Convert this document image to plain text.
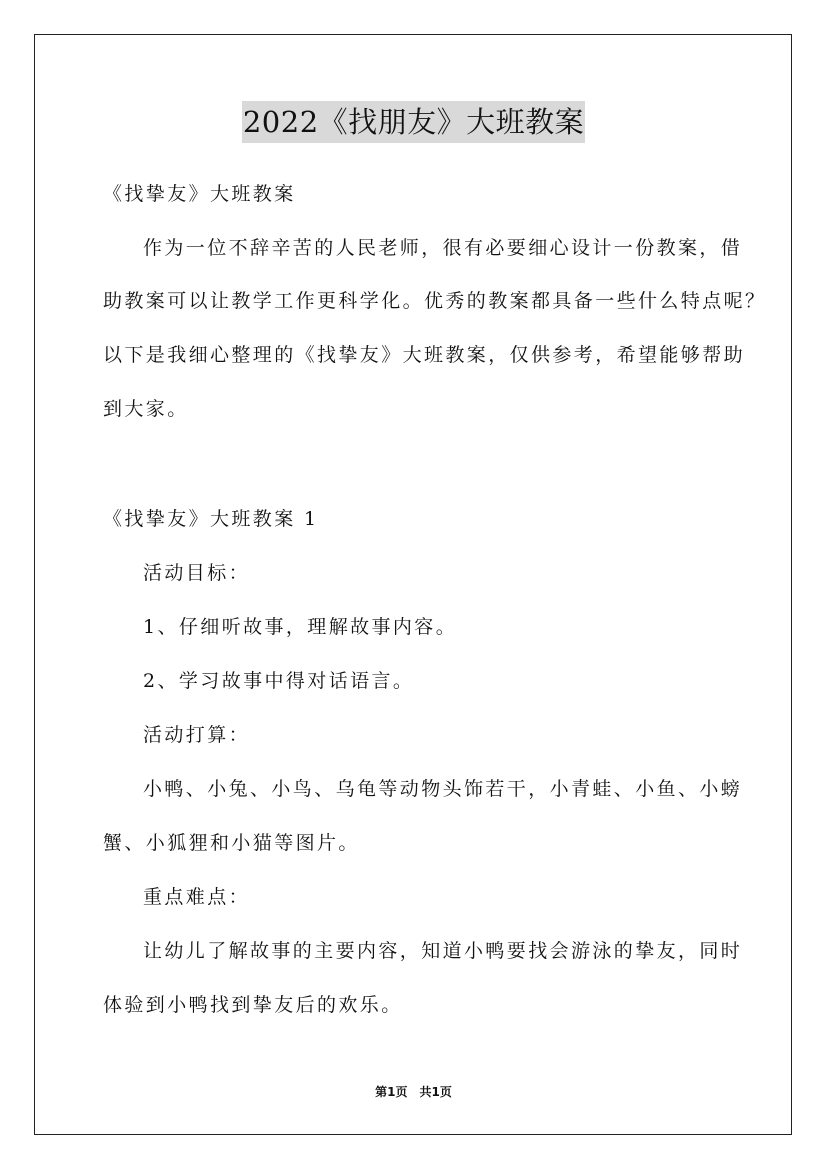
2022《找朋友》大班教案
《找挚友》大班教案
作为一位不辞辛苦的人民老师，很有必要细心设计一份教案，借
助教案可以让教学工作更科学化。优秀的教案都具备一些什么特点呢？
以下是我细心整理的《找挚友》大班教案，仅供参考，希望能够帮助
到大家。
《找挚友》大班教案 1
活动目标：
1、仔细听故事，理解故事内容。
2、学习故事中得对话语言。
活动打算：
小鸭、小兔、小鸟、乌龟等动物头饰若干，小青蛙、小鱼、小螃
蟹、小狐狸和小猫等图片。
重点难点：
让幼儿了解故事的主要内容，知道小鸭要找会游泳的挚友，同时
体验到小鸭找到挚友后的欢乐。
第1页　共1页
